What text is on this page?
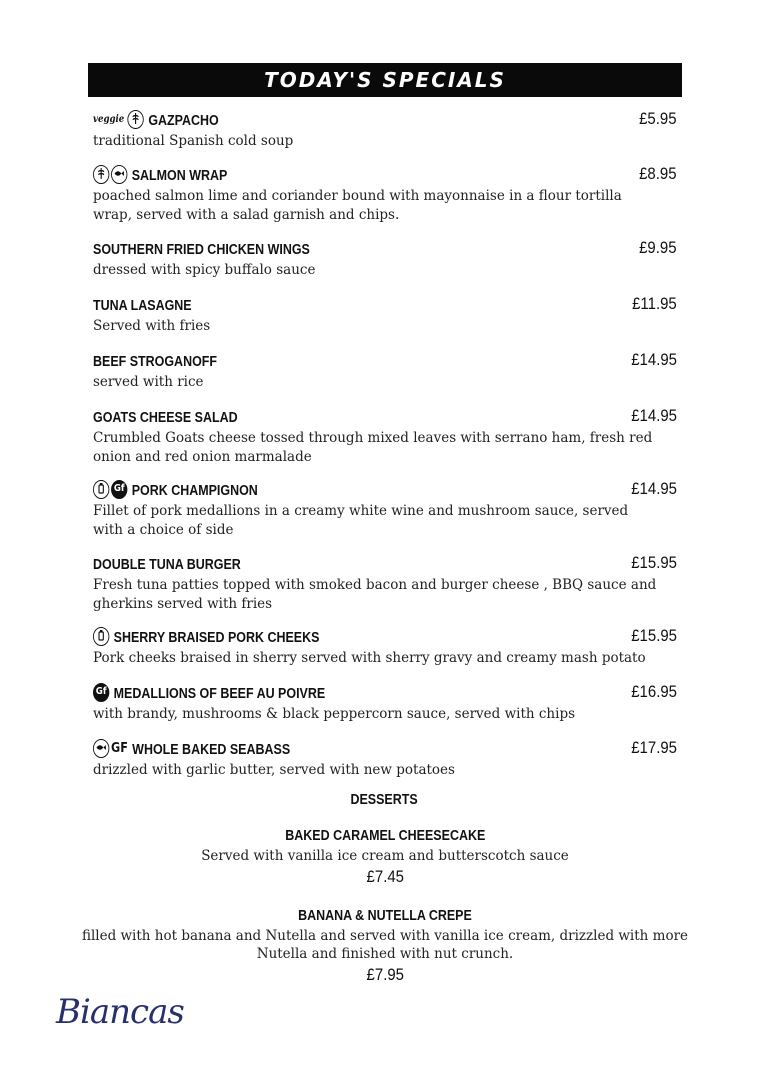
TODAY'S SPECIALS
veggie GAZPACHO	£5.95
traditional Spanish cold soup
SALMON WRAP	£8.95
poached salmon lime and coriander bound with mayonnaise in a flour tortilla wrap, served with a salad garnish and chips.
SOUTHERN FRIED CHICKEN WINGS	£9.95
dressed with spicy buffalo sauce
TUNA LASAGNE	£11.95
Served with fries
BEEF STROGANOFF	£14.95
served with rice
GOATS CHEESE SALAD	£14.95
Crumbled Goats cheese tossed through mixed leaves with serrano ham, fresh red onion and red onion marmalade
Gf PORK CHAMPIGNON	£14.95
Fillet of pork medallions in a creamy white wine and mushroom sauce, served with a choice of side
DOUBLE TUNA BURGER	£15.95
Fresh tuna patties topped with smoked bacon and burger cheese , BBQ sauce and gherkins served with fries
SHERRY BRAISED PORK CHEEKS	£15.95
Pork cheeks braised in sherry served with sherry gravy and creamy mash potato
Gf MEDALLIONS OF BEEF AU POIVRE	£16.95
with brandy, mushrooms & black peppercorn sauce, served with chips
GF WHOLE BAKED SEABASS	£17.95
drizzled with garlic butter, served with new potatoes
DESSERTS
BAKED CARAMEL CHEESECAKE
Served with vanilla ice cream and butterscotch sauce
£7.45
BANANA & NUTELLA CREPE
filled with hot banana and Nutella and served with vanilla ice cream, drizzled with more Nutella and finished with nut crunch.
£7.95
Biancas
